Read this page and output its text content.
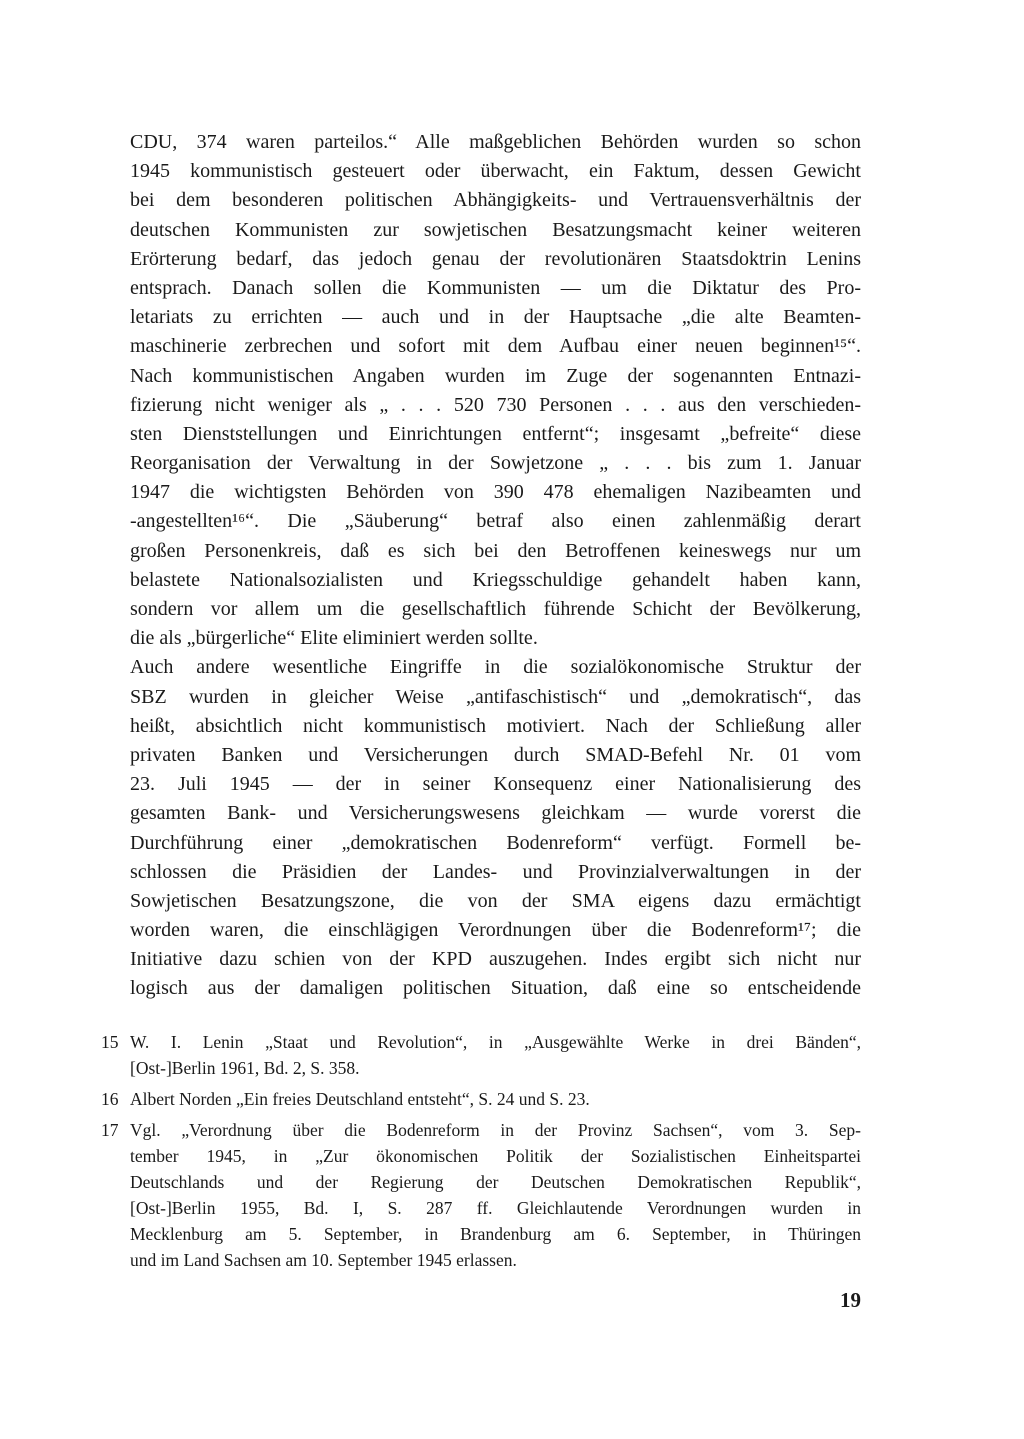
CDU, 374 waren parteilos.“ Alle maßgeblichen Behörden wurden so schon
1945 kommunistisch gesteuert oder überwacht, ein Faktum, dessen Gewicht
bei dem besonderen politischen Abhängigkeits- und Vertrauensverhältnis der
deutschen Kommunisten zur sowjetischen Besatzungsmacht keiner weiteren
Erörterung bedarf, das jedoch genau der revolutionären Staatsdoktrin Lenins
entsprach. Danach sollen die Kommunisten — um die Diktatur des Pro-
letariats zu errichten — auch und in der Hauptsache „die alte Beamten-
maschinerie zerbrechen und sofort mit dem Aufbau einer neuen beginnen¹⁵“.
Nach kommunistischen Angaben wurden im Zuge der sogenannten Entnazi-
fizierung nicht weniger als „ . . . 520 730 Personen . . . aus den verschieden-
sten Dienststellungen und Einrichtungen entfernt“; insgesamt „befreite“ diese
Reorganisation der Verwaltung in der Sowjetzone „ . . . bis zum 1. Januar
1947 die wichtigsten Behörden von 390 478 ehemaligen Nazibeamten und
-angestellten¹⁶“. Die „Säuberung“ betraf also einen zahlenmäßig derart
großen Personenkreis, daß es sich bei den Betroffenen keineswegs nur um
belastete Nationalsozialisten und Kriegsschuldige gehandelt haben kann,
sondern vor allem um die gesellschaftlich führende Schicht der Bevölkerung,
die als „bürgerliche“ Elite eliminiert werden sollte.
Auch andere wesentliche Eingriffe in die sozialökonomische Struktur der
SBZ wurden in gleicher Weise „antifaschistisch“ und „demokratisch“, das
heißt, absichtlich nicht kommunistisch motiviert. Nach der Schließung aller
privaten Banken und Versicherungen durch SMAD-Befehl Nr. 01 vom
23. Juli 1945 — der in seiner Konsequenz einer Nationalisierung des
gesamten Bank- und Versicherungswesens gleichkam — wurde vorerst die
Durchführung einer „demokratischen Bodenreform“ verfügt. Formell be-
schlossen die Präsidien der Landes- und Provinzialverwaltungen in der
Sowjetischen Besatzungszone, die von der SMA eigens dazu ermächtigt
worden waren, die einschlägigen Verordnungen über die Bodenreform¹⁷; die
Initiative dazu schien von der KPD auszugehen. Indes ergibt sich nicht nur
logisch aus der damaligen politischen Situation, daß eine so entscheidende
15 W. I. Lenin „Staat und Revolution“, in „Ausgewählte Werke in drei Bänden“,
[Ost-]Berlin 1961, Bd. 2, S. 358.
16 Albert Norden „Ein freies Deutschland entsteht“, S. 24 und S. 23.
17 Vgl. „Verordnung über die Bodenreform in der Provinz Sachsen“, vom 3. Sep-
tember 1945, in „Zur ökonomischen Politik der Sozialistischen Einheitspartei
Deutschlands und der Regierung der Deutschen Demokratischen Republik“,
[Ost-]Berlin 1955, Bd. I, S. 287 ff. Gleichlautende Verordnungen wurden in
Mecklenburg am 5. September, in Brandenburg am 6. September, in Thüringen
und im Land Sachsen am 10. September 1945 erlassen.
19
